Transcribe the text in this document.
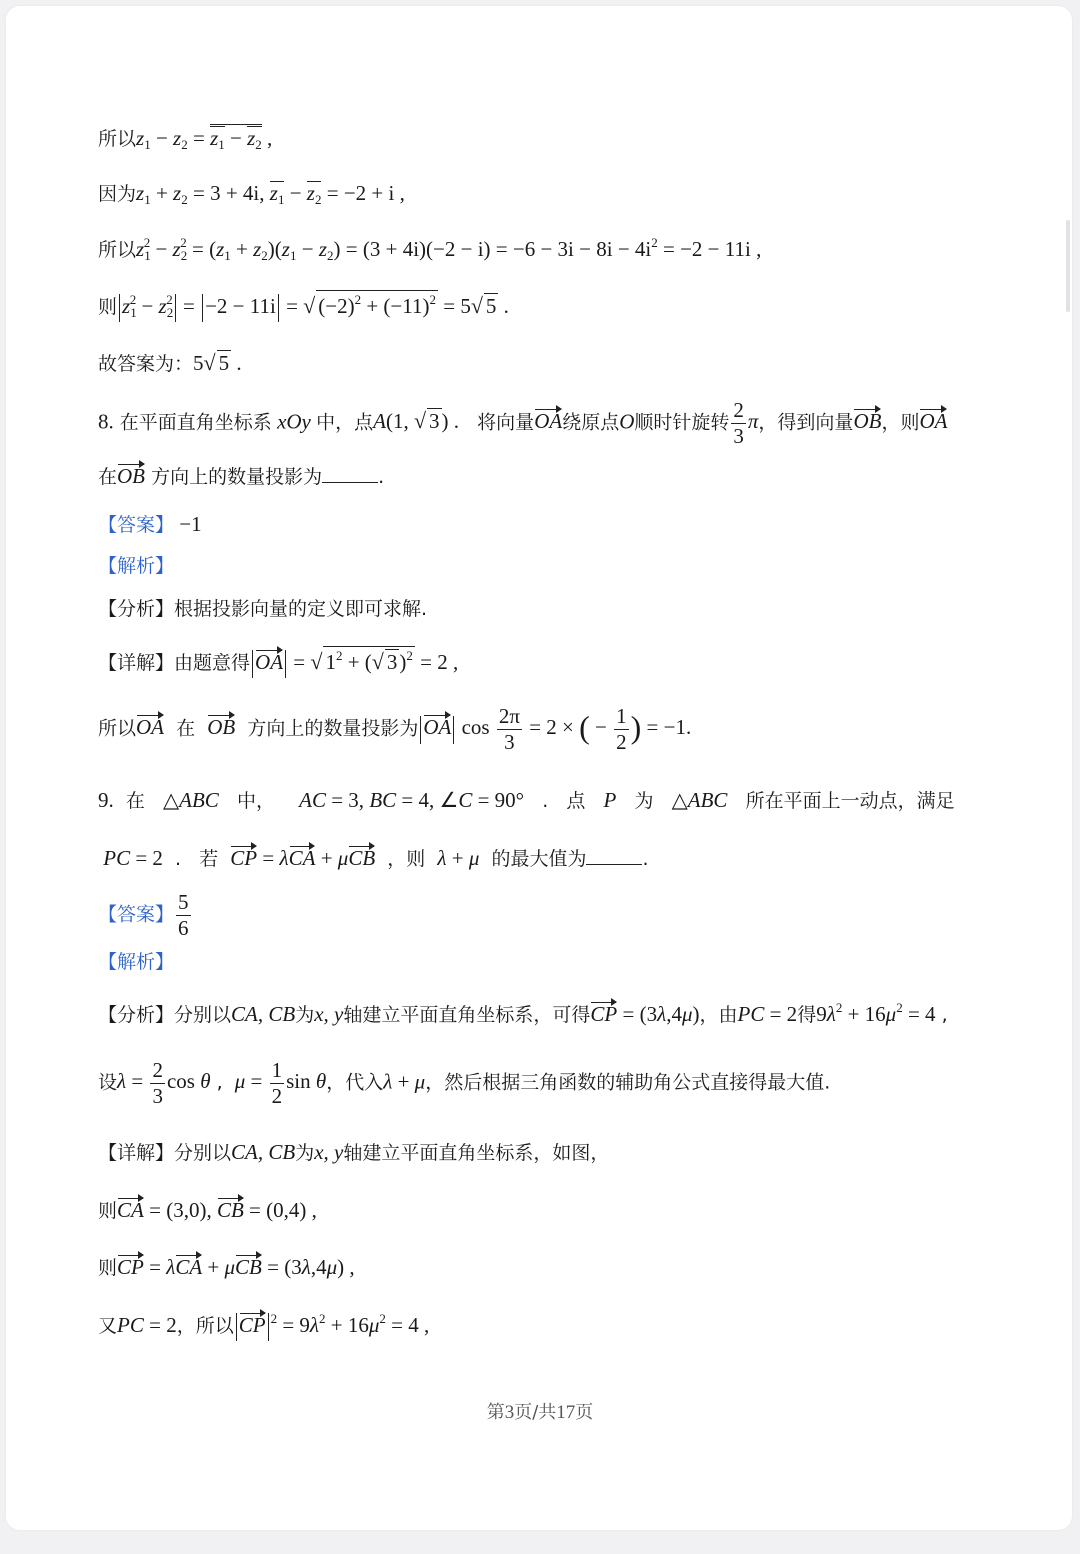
所以$z_1 - z_2 = z_1 - z_2$ ,
因为$z_1 + z_2 = 3 + 4i$, $z_1 - z_2 = -2 + i$ ,
所以$z_1^2 - z_2^2 = (z_1 + z_2)(z_1 - z_2) = (3 + 4i)(-2 - i) = -6 - 3i - 8i - 4i^2 = -2 - 11i$ ,
则 $z_1^2 - z_2^2 = -2 - 11i$ = √ $(-2)^2 + (-11)^2 = 5√$ 5 .
故答案为：5√ 5 .
8. 在平面直角坐标系 xOy 中，点A(1, √ 3) . 将向量OA绕原点O顺时针旋转 $\frac{2}{3}$ π，得到向量OB，则OA
在OB 方向上的数量投影为	.
【答案】 −1
【解析】
【分析】根据投影向量的定义即可求解.
【详解】由题意得 OA = √ $1^2$ + (√ 3)$^2$ = 2 ,
所以OA 在 OB 方向上的数量投影为 OA $\cos \frac{2\pi}{3} = 2$ × ( − $\frac{1}{2}$ ) = −1.
9. 在 △ABC 中， AC = 3, BC = 4, ∠C = 90°   .   点 P 为 △ABC 所在平面上一动点，满足
PC = 2  .   若 CP = λCA + μCB ，则 λ + μ 的最大值为	.
【答案】 $\frac{5}{6}$
【解析】
【分析】分别以CA, CB为x, y轴建立平面直角坐标系，可得CP = (3λ,4μ)，由PC = 2得$9\lambda^2 + 16\mu^2 = 4$ ,
设$\lambda = \frac{2}{3}$ cos θ ,  $\mu = \frac{1}{2}$ sin θ，代入λ + μ，然后根据三角函数的辅助角公式直接得最大值.
【详解】分别以CA, CB为x, y轴建立平面直角坐标系，如图，
则CA = (3,0), CB = (0,4) ,
则CP = λCA + μCB = (3λ,4μ) ,
又PC = 2，所以 CP $^2 = 9\lambda^2 + 16\mu^2 = 4$ ,
第3页/共17页
